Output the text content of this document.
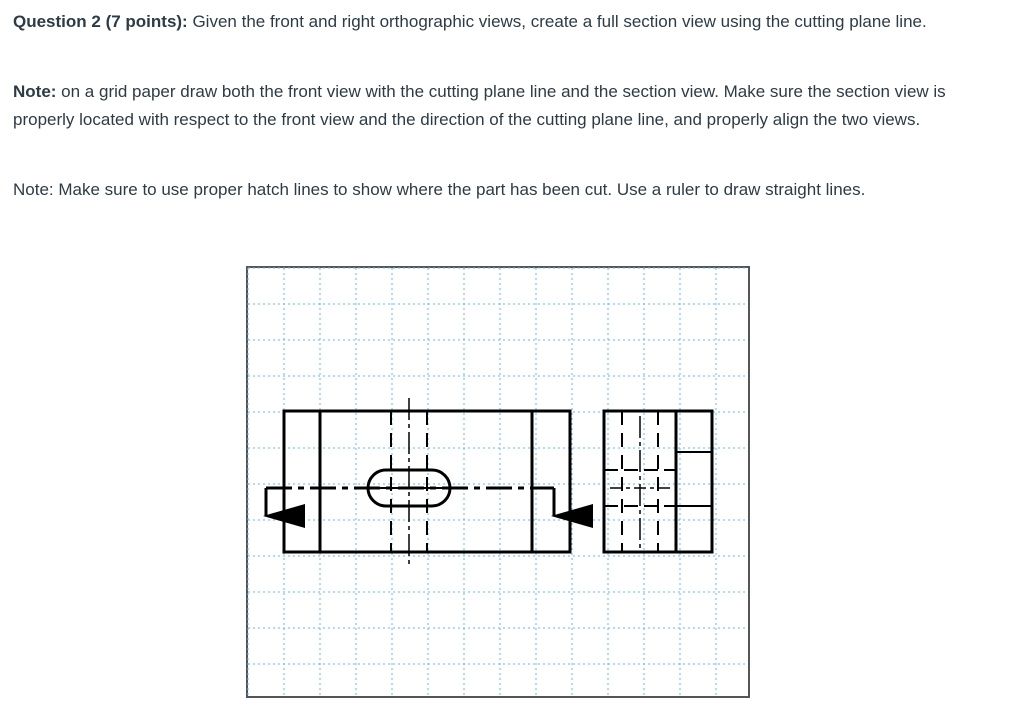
Question 2 (7 points): Given the front and right orthographic views, create a full section view using the cutting plane line.
Note: on a grid paper draw both the front view with the cutting plane line and the section view. Make sure the section view is properly located with respect to the front view and the direction of the cutting plane line, and properly align the two views.
Note: Make sure to use proper hatch lines to show where the part has been cut. Use a ruler to draw straight lines.
